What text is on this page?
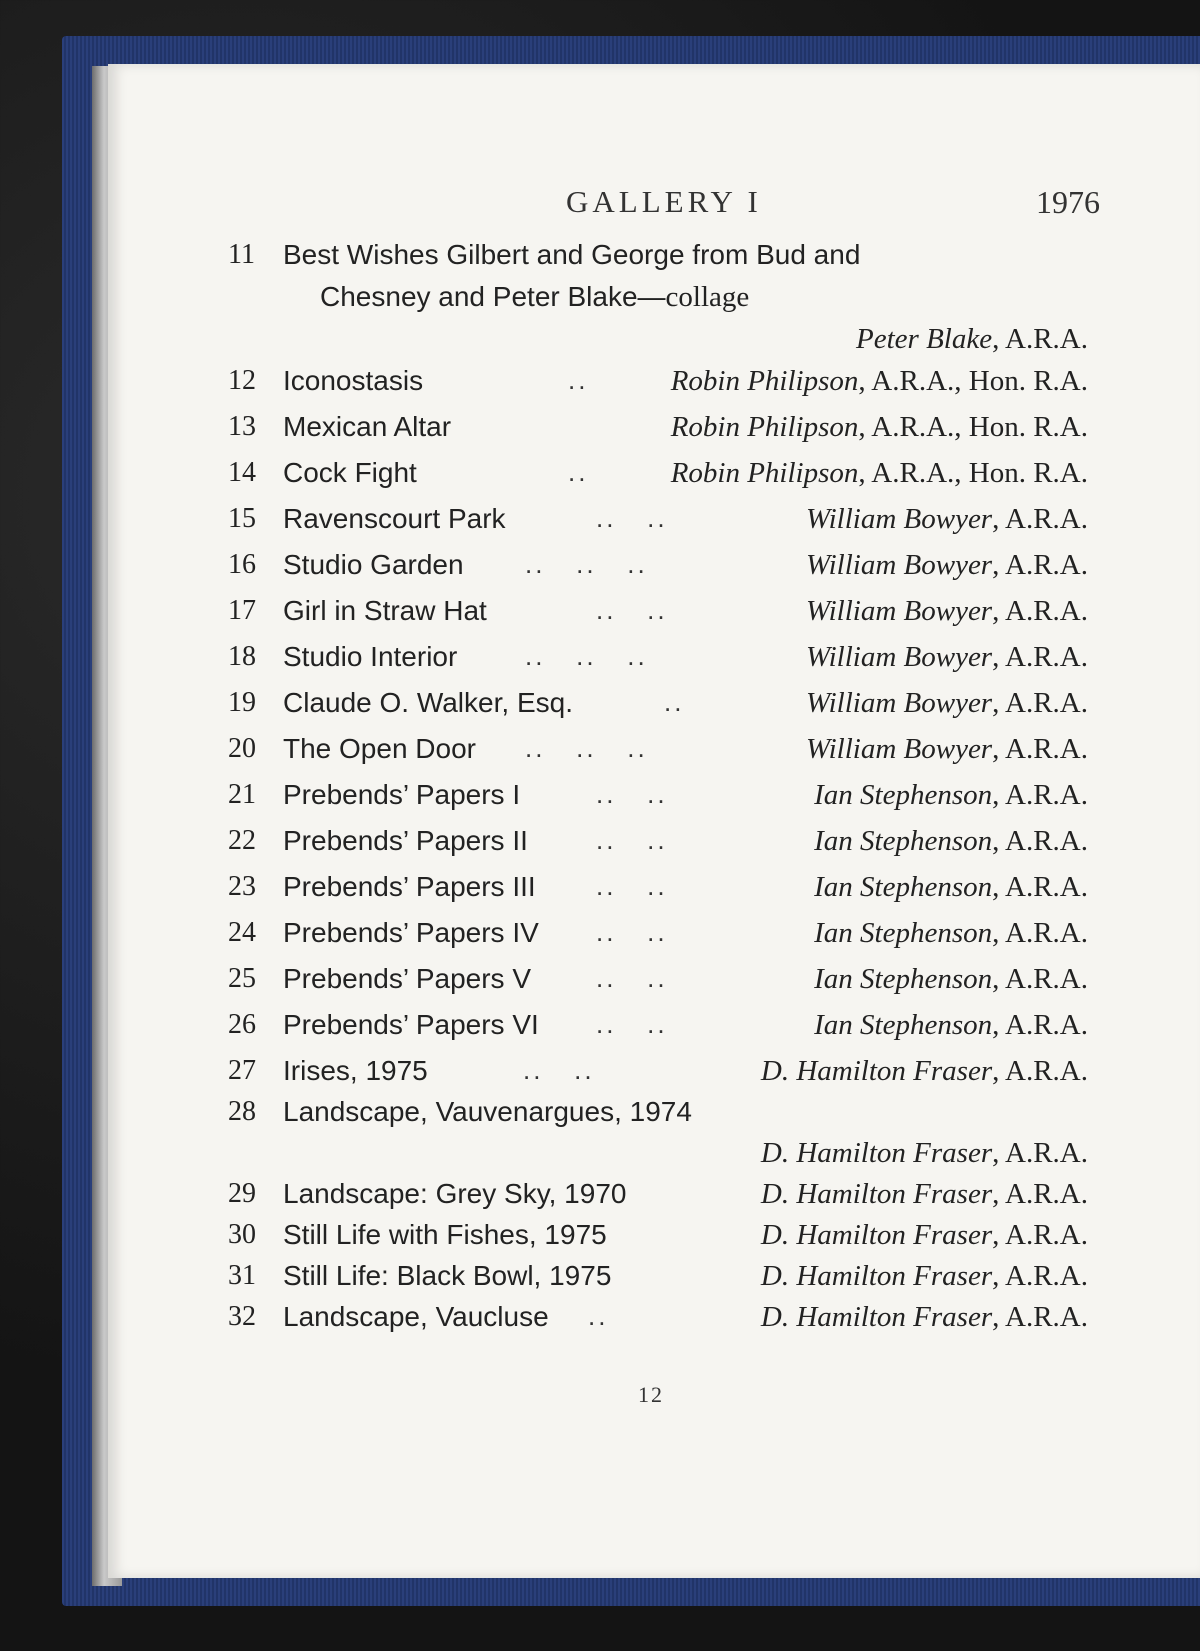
GALLERY I	1976
11	Best Wishes Gilbert and George from Bud and
Chesney and Peter Blake—collage
Peter Blake, A.R.A.
12 Iconostasis	..	Robin Philipson, A.R.A., Hon. R.A.
13 Mexican Altar	Robin Philipson, A.R.A., Hon. R.A.
14 Cock Fight	..	Robin Philipson, A.R.A., Hon. R.A.
15 Ravenscourt Park	..   ..	William Bowyer, A.R.A.
16 Studio Garden ..   ..   ..	William Bowyer, A.R.A.
17 Girl in Straw Hat	..   ..	William Bowyer, A.R.A.
18 Studio Interior	..   ..   ..	William Bowyer, A.R.A.
19 Claude O. Walker, Esq.	..	William Bowyer, A.R.A.
20 The Open Door ..   ..   ..	William Bowyer, A.R.A.
21 Prebends’ Papers I	..   ..	Ian Stephenson, A.R.A.
22 Prebends’ Papers II	..   ..	Ian Stephenson, A.R.A.
23 Prebends’ Papers III ..   ..	Ian Stephenson, A.R.A.
24 Prebends’ Papers IV ..   ..	Ian Stephenson, A.R.A.
25 Prebends’ Papers V	..   ..	Ian Stephenson, A.R.A.
26 Prebends’ Papers VI ..   ..	Ian Stephenson, A.R.A.
27 Irises, 1975	..   ..	D. Hamilton Fraser, A.R.A.
28 Landscape, Vauvenargues, 1974
D. Hamilton Fraser, A.R.A.
29 Landscape: Grey Sky, 1970	D. Hamilton Fraser, A.R.A.
30 Still Life with Fishes, 1975	D. Hamilton Fraser, A.R.A.
31 Still Life: Black Bowl, 1975	D. Hamilton Fraser, A.R.A.
32 Landscape, Vaucluse ..	D. Hamilton Fraser, A.R.A.
12
